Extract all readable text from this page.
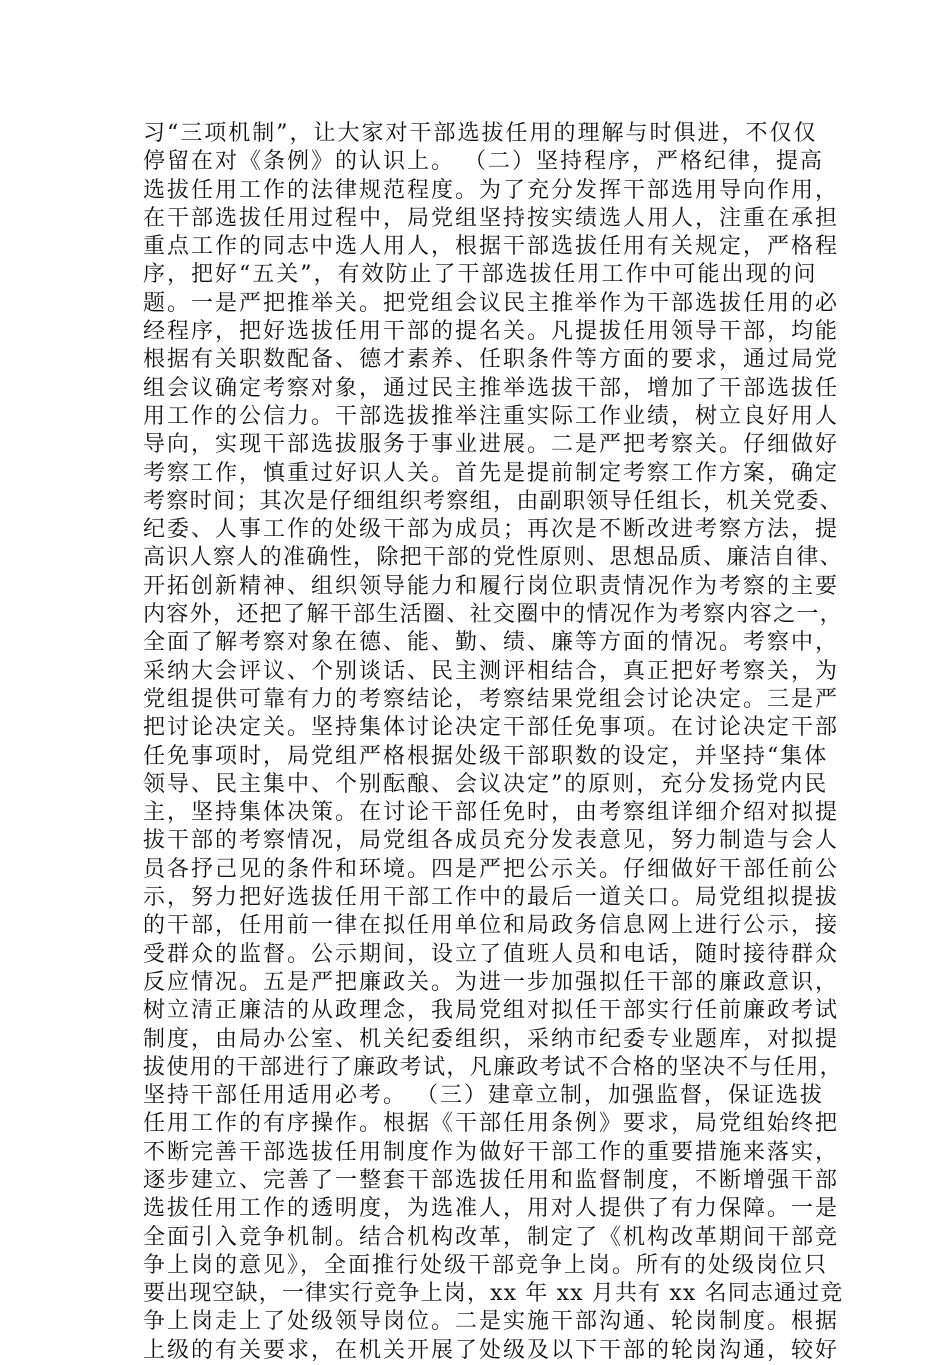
习“三项机制”，让大家对干部选拔任用的理解与时俱进，不仅仅
停留在对《条例》的认识上。 （二）坚持程序，严格纪律，提高
选拔任用工作的法律规范程度。为了充分发挥干部选用导向作用，
在干部选拔任用过程中，局党组坚持按实绩选人用人，注重在承担
重点工作的同志中选人用人，根据干部选拔任用有关规定，严格程
序，把好“五关”，有效防止了干部选拔任用工作中可能出现的问
题。一是严把推举关。把党组会议民主推举作为干部选拔任用的必
经程序，把好选拔任用干部的提名关。凡提拔任用领导干部，均能
根据有关职数配备、德才素养、任职条件等方面的要求，通过局党
组会议确定考察对象，通过民主推举选拔干部，增加了干部选拔任
用工作的公信力。干部选拔推举注重实际工作业绩，树立良好用人
导向，实现干部选拔服务于事业进展。二是严把考察关。仔细做好
考察工作，慎重过好识人关。首先是提前制定考察工作方案，确定
考察时间；其次是仔细组织考察组，由副职领导任组长，机关党委、
纪委、人事工作的处级干部为成员；再次是不断改进考察方法，提
高识人察人的准确性，除把干部的党性原则、思想品质、廉洁自律、
开拓创新精神、组织领导能力和履行岗位职责情况作为考察的主要
内容外，还把了解干部生活圈、社交圈中的情况作为考察内容之一，
全面了解考察对象在德、能、勤、绩、廉等方面的情况。考察中，
采纳大会评议、个别谈话、民主测评相结合，真正把好考察关，为
党组提供可靠有力的考察结论，考察结果党组会讨论决定。三是严
把讨论决定关。坚持集体讨论决定干部任免事项。在讨论决定干部
任免事项时，局党组严格根据处级干部职数的设定，并坚持“集体
领导、民主集中、个别酝酿、会议决定”的原则，充分发扬党内民
主，坚持集体决策。在讨论干部任免时，由考察组详细介绍对拟提
拔干部的考察情况，局党组各成员充分发表意见，努力制造与会人
员各抒己见的条件和环境。四是严把公示关。仔细做好干部任前公
示，努力把好选拔任用干部工作中的最后一道关口。局党组拟提拔
的干部，任用前一律在拟任用单位和局政务信息网上进行公示，接
受群众的监督。公示期间，设立了值班人员和电话，随时接待群众
反应情况。五是严把廉政关。为进一步加强拟任干部的廉政意识，
树立清正廉洁的从政理念，我局党组对拟任干部实行任前廉政考试
制度，由局办公室、机关纪委组织，采纳市纪委专业题库，对拟提
拔使用的干部进行了廉政考试，凡廉政考试不合格的坚决不与任用，
坚持干部任用适用必考。 （三）建章立制，加强监督，保证选拔
任用工作的有序操作。根据《干部任用条例》要求，局党组始终把
不断完善干部选拔任用制度作为做好干部工作的重要措施来落实，
逐步建立、完善了一整套干部选拔任用和监督制度，不断增强干部
选拔任用工作的透明度，为选准人，用对人提供了有力保障。一是
全面引入竞争机制。结合机构改革，制定了《机构改革期间干部竞
争上岗的意见》，全面推行处级干部竞争上岗。所有的处级岗位只
要出现空缺，一律实行竞争上岗，xx 年 xx 月共有 xx 名同志通过竞
争上岗走上了处级领导岗位。二是实施干部沟通、轮岗制度。根据
上级的有关要求，在机关开展了处级及以下干部的轮岗沟通，较好
